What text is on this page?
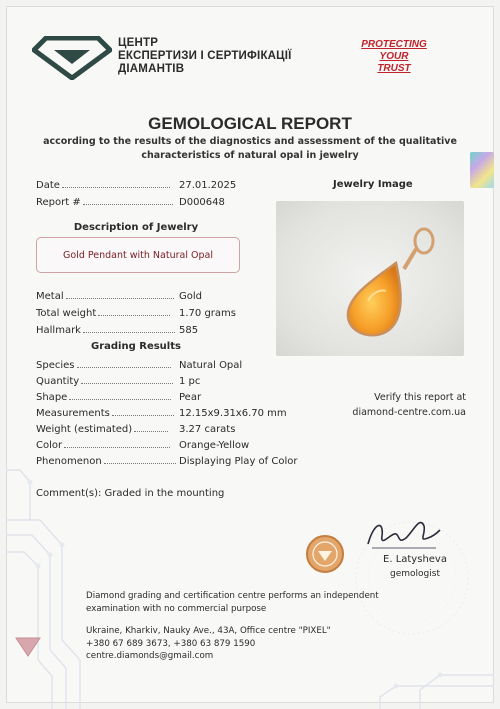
ЦЕНТР
ЕКСПЕРТИЗИ І СЕРТИФІКАЦІЇ
ДІАМАНТІВ
PROTECTING
YOUR
TRUST
GEMOLOGICAL REPORT
according to the results of the diagnostics and assessment of the qualitative
characteristics of natural opal in jewelry
Date	27.01.2025
Report #	D000648
Description of Jewelry
Gold Pendant with Natural Opal
Jewelry Image
Metal	Gold
Total weight	1.70 grams
Hallmark	585
Grading Results
Species	Natural Opal
Quantity	1 pc
Shape	Pear
Measurements	12.15x9.31x6.70 mm
Weight (estimated)	3.27 carats
Color	Orange-Yellow
Phenomenon	Displaying Play of Color
Verify this report at
diamond-centre.com.ua
Comment(s): Graded in the mounting
E. Latysheva
gemologist
Diamond grading and certification centre performs an independent
examination with no commercial purpose
Ukraine, Kharkiv, Nauky Ave., 43A, Office centre "PIXEL"
+380 67 689 3673, +380 63 879 1590
centre.diamonds@gmail.com
